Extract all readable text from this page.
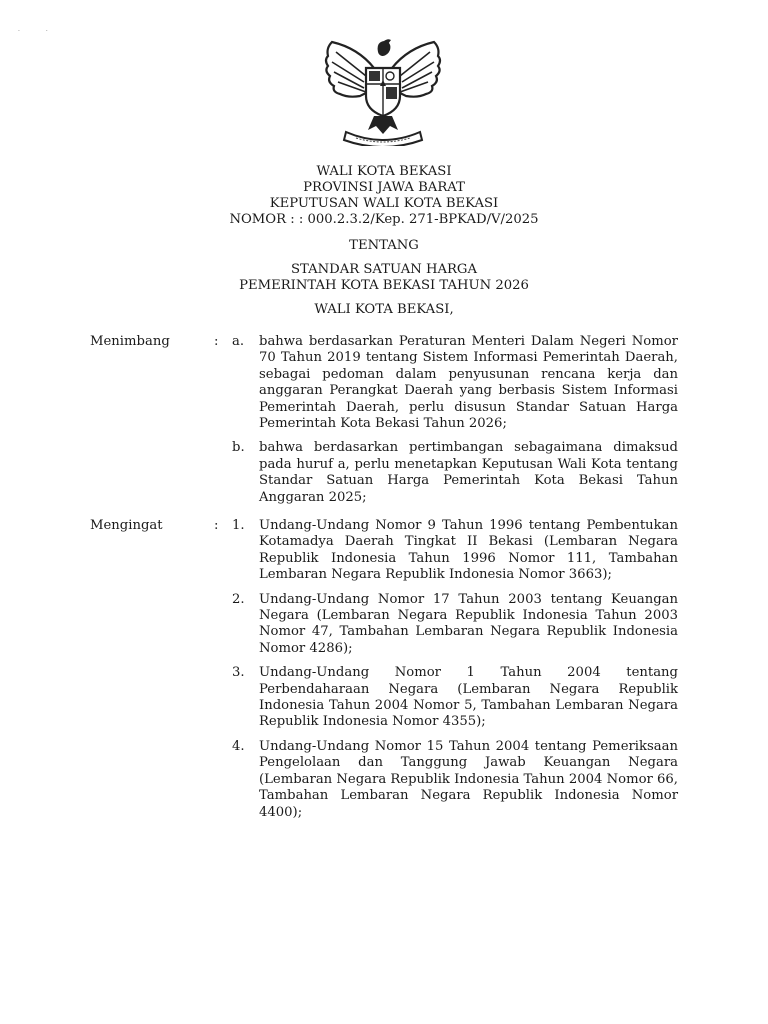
· ·
WALI KOTA BEKASI
PROVINSI JAWA BARAT
KEPUTUSAN WALI KOTA BEKASI
NOMOR : : 000.2.3.2/Kep. 271-BPKAD/V/2025
TENTANG
STANDAR SATUAN HARGA
PEMERINTAH KOTA BEKASI TAHUN 2026
WALI KOTA BEKASI,
Menimbang	: a. bahwa berdasarkan Peraturan Menteri Dalam Negeri Nomor 70 Tahun 2019 tentang Sistem Informasi Pemerintah Daerah, sebagai pedoman dalam penyusunan rencana kerja dan anggaran Perangkat Daerah yang berbasis Sistem Informasi Pemerintah Daerah, perlu disusun Standar Satuan Harga Pemerintah Kota Bekasi Tahun 2026;
b. bahwa berdasarkan pertimbangan sebagaimana dimaksud pada huruf a, perlu menetapkan Keputusan Wali Kota tentang Standar Satuan Harga Pemerintah Kota Bekasi Tahun Anggaran 2025;
Mengingat	: 1. Undang-Undang Nomor 9 Tahun 1996 tentang Pembentukan Kotamadya Daerah Tingkat II Bekasi (Lembaran Negara Republik Indonesia Tahun 1996 Nomor 111, Tambahan Lembaran Negara Republik Indonesia Nomor 3663);
2. Undang-Undang Nomor 17 Tahun 2003 tentang Keuangan Negara (Lembaran Negara Republik Indonesia Tahun 2003 Nomor 47, Tambahan Lembaran Negara Republik Indonesia Nomor 4286);
3. Undang-Undang Nomor 1 Tahun 2004 tentang Perbendaharaan Negara (Lembaran Negara Republik Indonesia Tahun 2004 Nomor 5, Tambahan Lembaran Negara Republik Indonesia Nomor 4355);
4. Undang-Undang Nomor 15 Tahun 2004 tentang Pemeriksaan Pengelolaan dan Tanggung Jawab Keuangan Negara (Lembaran Negara Republik Indonesia Tahun 2004 Nomor 66, Tambahan Lembaran Negara Republik Indonesia Nomor 4400);
